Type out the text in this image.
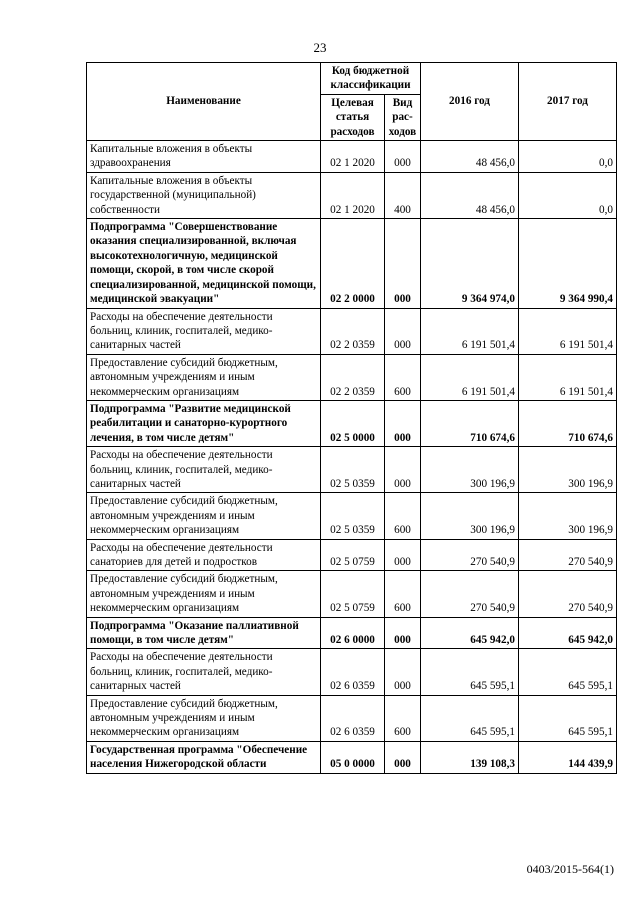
23
Наименование	Код бюджетной классификации		2016 год	2017 год
	Целевая статья расходов	Вид рас- ходов		
Капитальные вложения в объекты здравоохранения	02 1 2020	000	48 456,0	0,0
Капитальные вложения в объекты государственной (муниципальной) собственности	02 1 2020	400	48 456,0	0,0
Подпрограмма "Совершенствование оказания специализированной, включая высокотехнологичную, медицинской помощи, скорой, в том числе скорой специализированной, медицинской помощи, медицинской эвакуации"	02 2 0000	000	9 364 974,0	9 364 990,4
Расходы на обеспечение деятельности больниц, клиник, госпиталей, медико-санитарных частей	02 2 0359	000	6 191 501,4	6 191 501,4
Предоставление субсидий бюджетным, автономным учреждениям и иным некоммерческим организациям	02 2 0359	600	6 191 501,4	6 191 501,4
Подпрограмма "Развитие медицинской реабилитации и санаторно-курортного лечения, в том числе детям"	02 5 0000	000	710 674,6	710 674,6
Расходы на обеспечение деятельности больниц, клиник, госпиталей, медико-санитарных частей	02 5 0359	000	300 196,9	300 196,9
Предоставление субсидий бюджетным, автономным учреждениям и иным некоммерческим организациям	02 5 0359	600	300 196,9	300 196,9
Расходы на обеспечение деятельности санаториев для детей и подростков	02 5 0759	000	270 540,9	270 540,9
Предоставление субсидий бюджетным, автономным учреждениям и иным некоммерческим организациям	02 5 0759	600	270 540,9	270 540,9
Подпрограмма "Оказание паллиативной помощи, в том числе детям"	02 6 0000	000	645 942,0	645 942,0
Расходы на обеспечение деятельности больниц, клиник, госпиталей, медико-санитарных частей	02 6 0359	000	645 595,1	645 595,1
Предоставление субсидий бюджетным, автономным учреждениям и иным некоммерческим организациям	02 6 0359	600	645 595,1	645 595,1
Государственная программа "Обеспечение населения Нижегородской области	05 0 0000	000	139 108,3	144 439,9
0403/2015-564(1)
